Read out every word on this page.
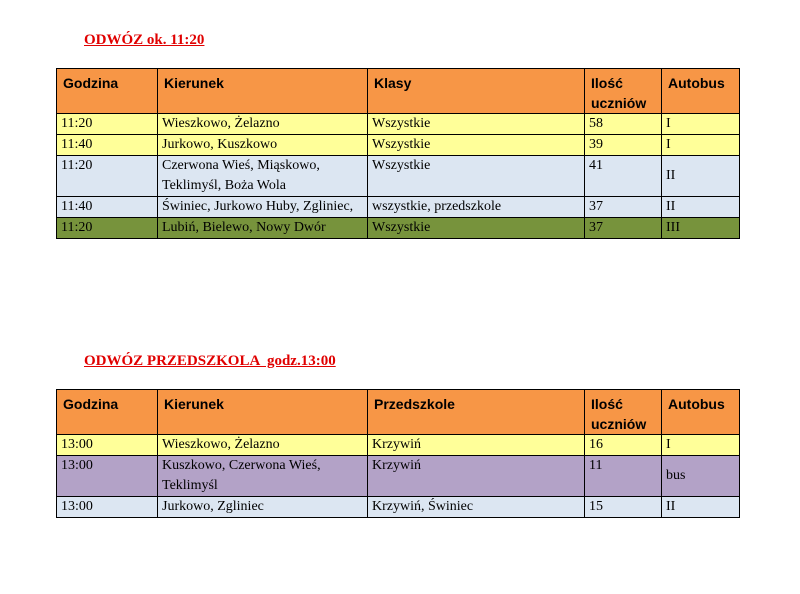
ODWÓZ ok. 11:20

Godzina	Kierunek	Klasy	Ilość uczniów	Autobus
11:20	Wieszkowo, Żelazno	Wszystkie	58	I
11:40	Jurkowo, Kuszkowo	Wszystkie	39	I
11:20	Czerwona Wieś, Miąskowo, Teklimyśl, Boża Wola	Wszystkie	41	II
11:40	Świniec, Jurkowo Huby, Zgliniec,	wszystkie, przedszkole	37	II
11:20	Lubiń, Bielewo, Nowy Dwór	Wszystkie	37	III

ODWÓZ PRZEDSZKOLA  godz.13:00

Godzina	Kierunek	Przedszkole	Ilość uczniów	Autobus
13:00	Wieszkowo, Żelazno	Krzywiń	16	I
13:00	Kuszkowo, Czerwona Wieś, Teklimyśl	Krzywiń	11	bus
13:00	Jurkowo, Zgliniec	Krzywiń, Świniec	15	II
